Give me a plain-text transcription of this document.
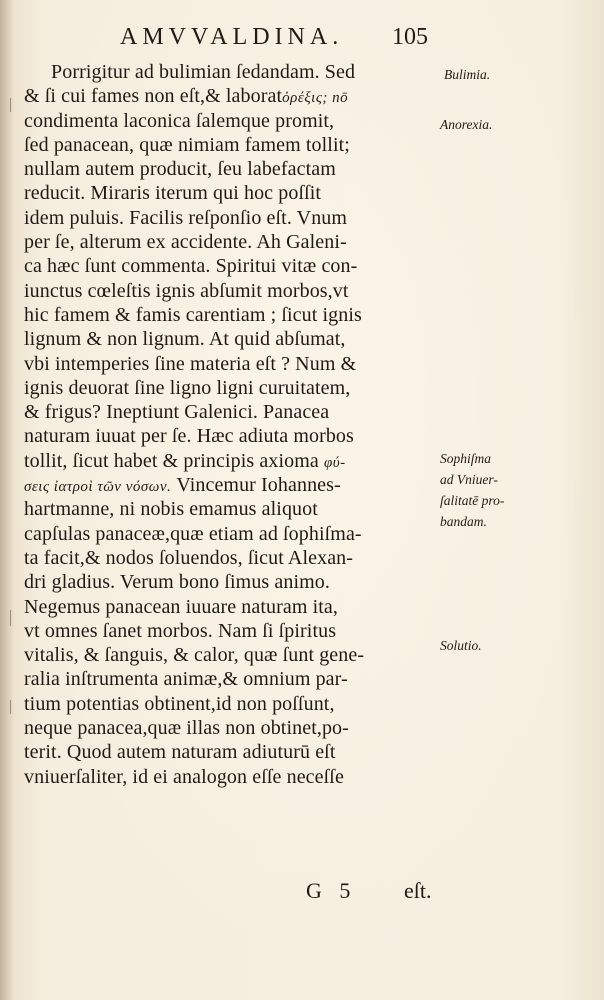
AMVVALDINA. 105
Porrigitur ad bulimian ſedandam. Sed
& ſi cui fames non eſt,& laboratὀρέξις; nō
condimenta laconica ſalemque promit,
ſed panacean, quæ nimiam famem tollit;
nullam autem producit, ſeu labefactam
reducit. Miraris iterum qui hoc poſſit
idem puluis. Facilis reſponſio eſt. Vnum
per ſe, alterum ex accidente. Ah Galeni-
ca hæc ſunt commenta. Spiritui vitæ con-
iunctus cœleſtis ignis abſumit morbos,vt
hic famem & famis carentiam ; ſicut ignis
lignum & non lignum. At quid abſumat,
vbi intemperies ſine materia eſt ? Num &
ignis deuorat ſine ligno ligni curuitatem,
& frigus? Ineptiunt Galenici. Panacea
naturam iuuat per ſe. Hæc adiuta morbos
tollit, ſicut habet & principis axioma φύ-
σεις ἰατροὶ τῶν νόσων. Vincemur Iohannes-
hartmanne, ni nobis emamus aliquot
capſulas panaceæ,quæ etiam ad ſophiſma-
ta facit,& nodos ſoluendos, ſicut Alexan-
dri gladius. Verum bono ſimus animo.
Negemus panacean iuuare naturam ita,
vt omnes ſanet morbos. Nam ſi ſpiritus
vitalis, & ſanguis, & calor, quæ ſunt gene-
ralia inſtrumenta animæ,& omnium par-
tium potentias obtinent,id non poſſunt,
neque panacea,quæ illas non obtinet,po-
terit. Quod autem naturam adiuturū eſt
vniuerſaliter, id ei analogon eſſe neceſſe
Bulimia.
Anorexia.
Sophiſma
ad Vniuer-
ſalitatē pro-
bandam.
Solutio.
G 5 eſt.
